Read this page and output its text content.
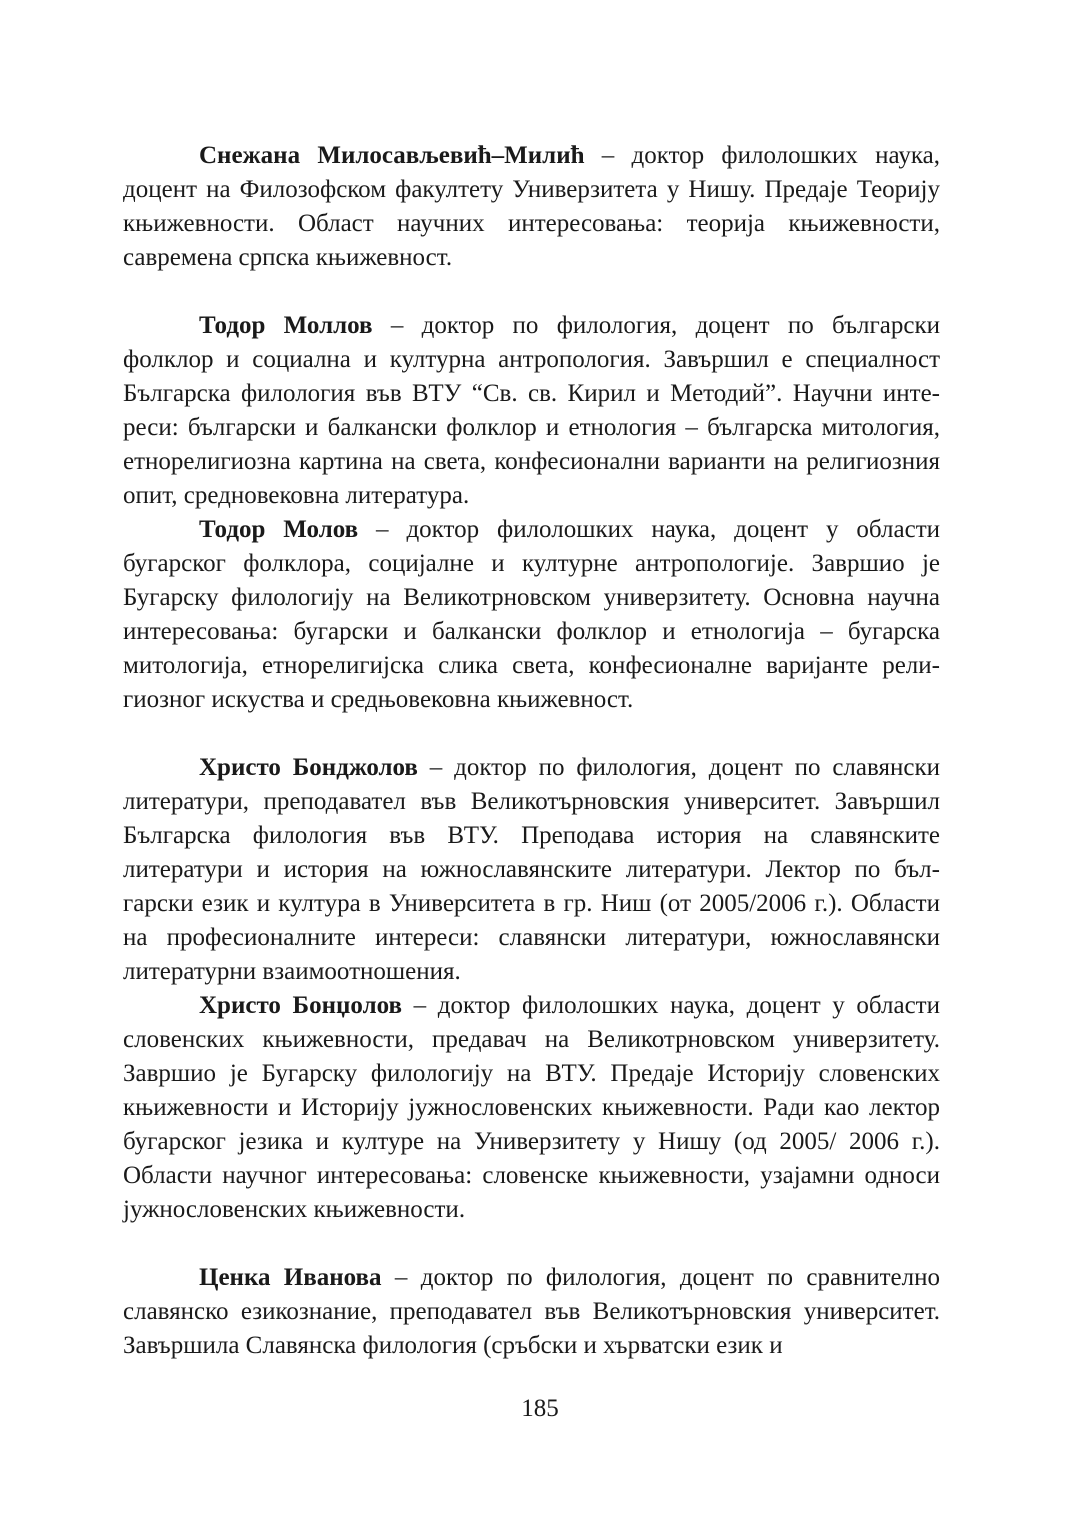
Снежана Милосављевић–Милић – доктор филолошких наука, доцент на Филозофском факултету Универзитета у Нишу. Предаје Теорију књижевности. Област научних интересовања: теорија књижевности, савремена српска књижевност.

Тодор Моллов – доктор по филология, доцент по български фолклор и социална и културна антропология. Завършил е специалност Българска филология във ВТУ “Св. св. Кирил и Методий”. Научни интереси: български и балкански фолклор и етнология – българска митология, етнорелигиозна картина на света, конфесионални варианти на религиозния опит, средновековна литература.

Тодор Молов – доктор филолошких наука, доцент у области бугарског фолклора, социјалне и културне антропологије. Завршио је Бугарску филологију на Великотрновском универзитету. Основна научна интересовања: бугарски и балкански фолклор и етнологија – бугарска митологија, етнорелигијска слика света, конфесионалне варијанте религиозног искуства и средњовековна књижевност.

Христо Бонджолов – доктор по филология, доцент по славянски литератури, преподавател във Великотърновския университет. Завършил Българска филология във ВТУ. Преподава история на славянските литератури и история на южнославянските литератури. Лектор по български език и култура в Университета в гр. Ниш (от 2005/2006 г.). Области на професионалните интереси: славянски литератури, южнославянски литературни взаимоотношения.

Христо Бонџолов – доктор филолошких наука, доцент у области словенских књижевности, предавач на Великотрновском универзитету. Завршио је Бугарску филологију на ВТУ. Предаје Историју словенских књижевности и Историју јужнословенских књижевности. Ради као лектор бугарског језика и културе на Универзитету у Нишу (од 2005/ 2006 г.). Области научног интересовања: словенске књижевности, узајамни односи јужнословенских књижевности.

Ценка Иванова – доктор по филология, доцент по сравнително славянско езикознание, преподавател във Великотърновския университет. Завършила Славянска филология (сръбски и хърватски език и

185
